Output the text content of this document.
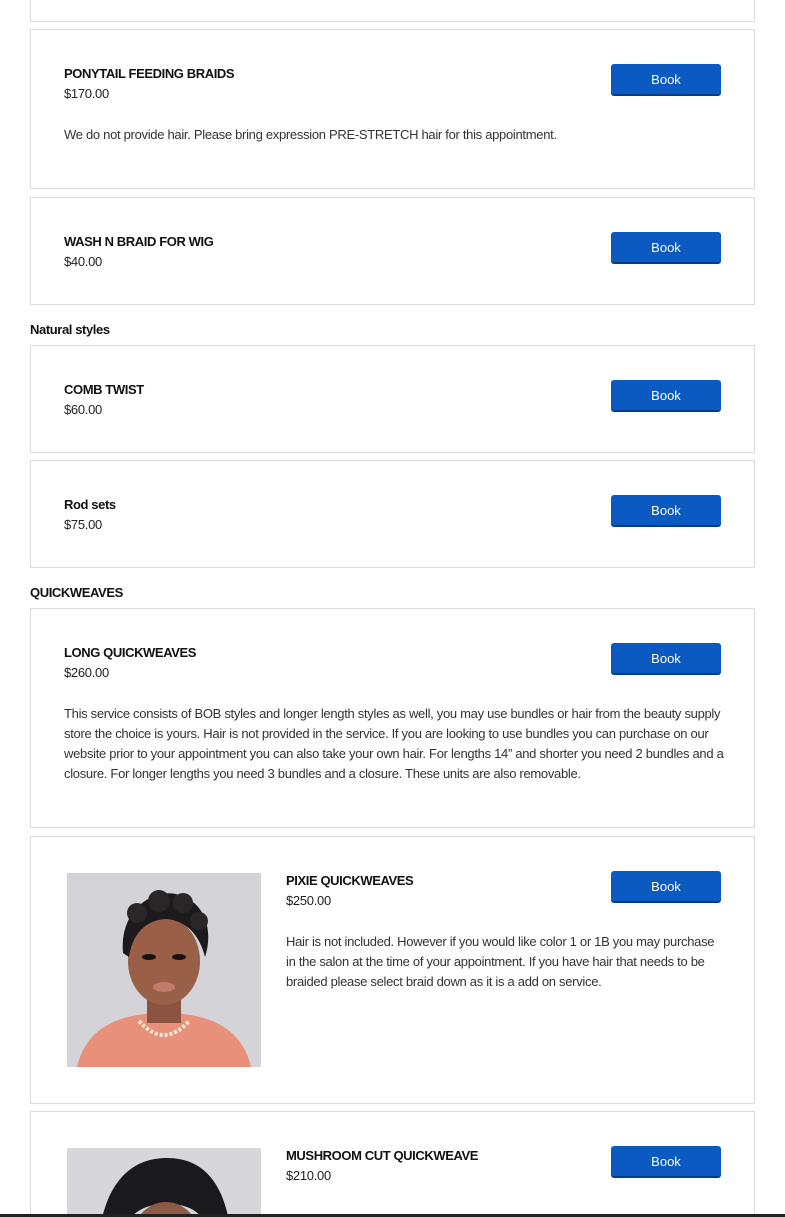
PONYTAIL FEEDING BRAIDS
$170.00
Book
We do not provide hair. Please bring expression PRE-STRETCH hair for this appointment.
WASH N BRAID FOR WIG
$40.00
Book
Natural styles
COMB TWIST
$60.00
Book
Rod sets
$75.00
Book
QUICKWEAVES
LONG QUICKWEAVES
$260.00
Book
This service consists of BOB styles and longer length styles as well, you may use bundles or hair from the beauty supply store the choice is yours. Hair is not provided in the service. If you are looking to use bundles you can purchase on our website prior to your appointment you can also take your own hair. For lengths 14” and shorter you need 2 bundles and a closure. For longer lengths you need 3 bundles and a closure. These units are also removable.
PIXIE QUICKWEAVES
$250.00
Book
Hair is not included. However if you would like color 1 or 1B you may purchase in the salon at the time of your appointment. If you have hair that needs to be braided please select braid down as it is a add on service.
MUSHROOM CUT QUICKWEAVE
$210.00
Book
